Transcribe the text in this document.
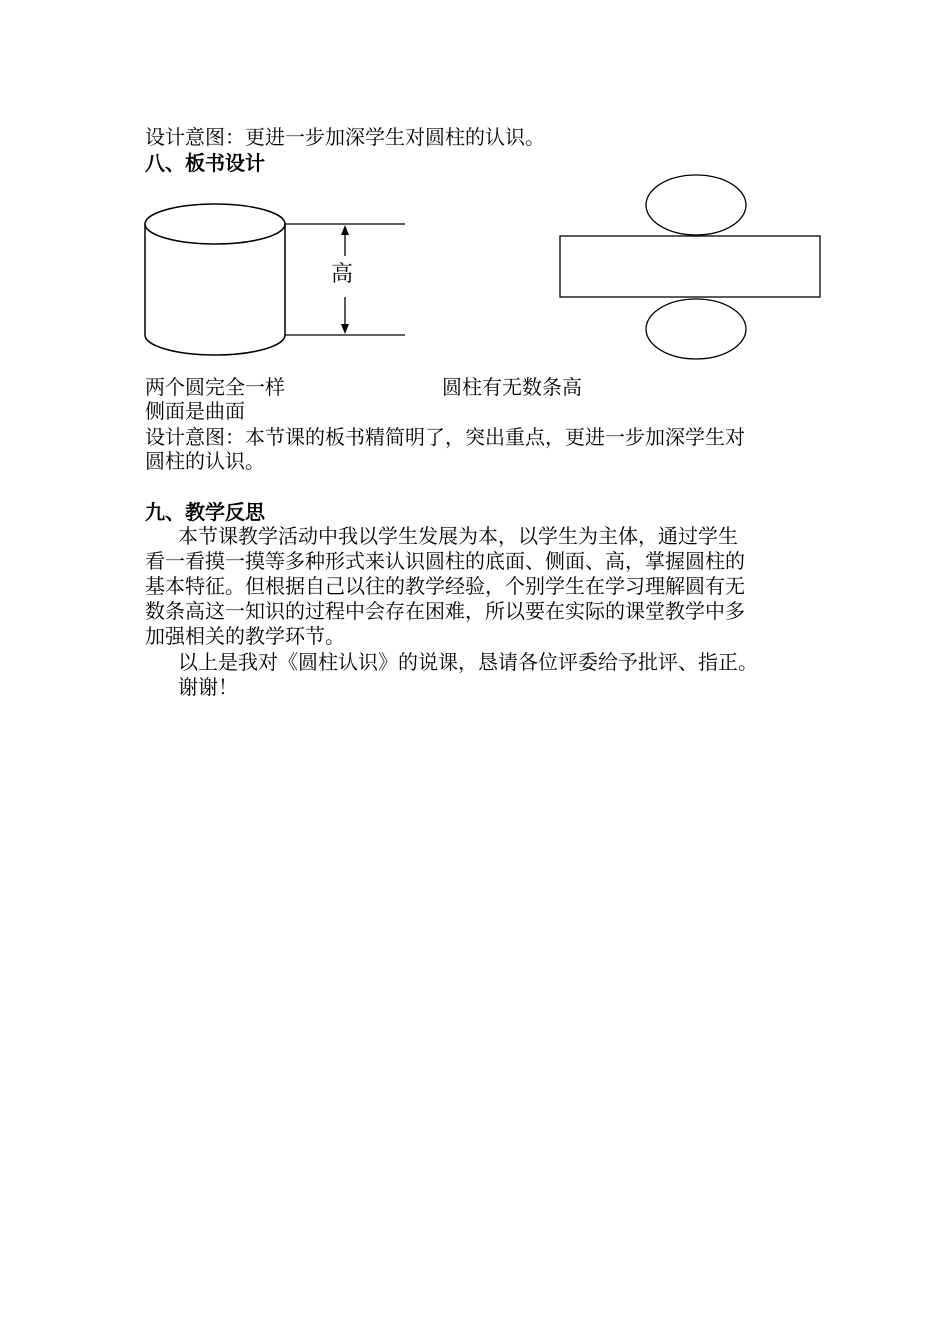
设计意图：更进一步加深学生对圆柱的认识。
八、板书设计
高
两个圆完全一样	圆柱有无数条高
侧面是曲面
设计意图：本节课的板书精简明了，突出重点，更进一步加深学生对
圆柱的认识。
九、教学反思
本节课教学活动中我以学生发展为本，以学生为主体，通过学生
看一看摸一摸等多种形式来认识圆柱的底面、侧面、高，掌握圆柱的
基本特征。但根据自己以往的教学经验，个别学生在学习理解圆有无
数条高这一知识的过程中会存在困难，所以要在实际的课堂教学中多
加强相关的教学环节。
以上是我对《圆柱认识》的说课，恳请各位评委给予批评、指正。
谢谢！
